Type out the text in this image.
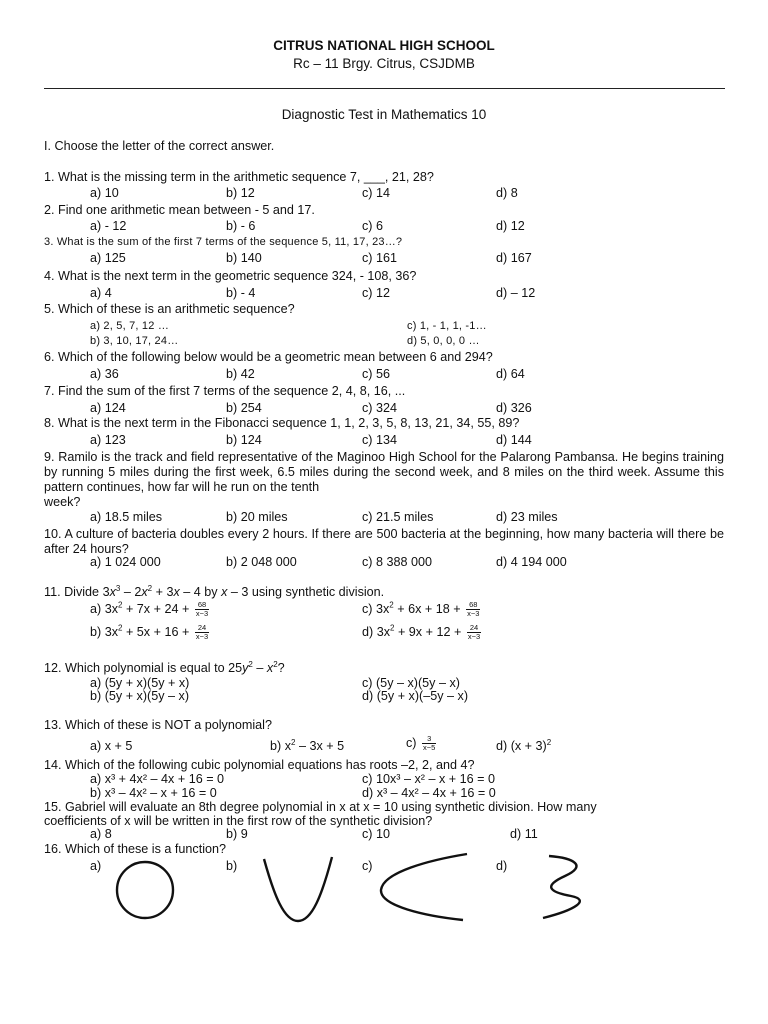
CITRUS NATIONAL HIGH SCHOOL
Rc – 11 Brgy. Citrus, CSJDMB
Diagnostic Test in Mathematics 10
I. Choose the letter of the correct answer.
1. What is the missing term in the arithmetic sequence 7, ___, 21, 28?
a) 10	b) 12	c) 14	d) 8
2. Find one arithmetic mean between - 5 and 17.
a) - 12	b) - 6	c) 6	d) 12
3. What is the sum of the first 7 terms of the sequence 5, 11, 17, 23…?
a) 125	b) 140	c) 161	d) 167
4. What is the next term in the geometric sequence 324, - 108, 36?
a) 4	b) - 4	c) 12	d) – 12
5. Which of these is an arithmetic sequence?
a) 2, 5, 7, 12 …	c) 1, - 1, 1, -1…
b) 3, 10, 17, 24…	d) 5, 0, 0, 0 …
6. Which of the following below would be a geometric mean between 6 and 294?
a) 36	b) 42	c) 56	d) 64
7. Find the sum of the first 7 terms of the sequence 2, 4, 8, 16, ...
a) 124	b) 254	c) 324	d) 326
8. What is the next term in the Fibonacci sequence 1, 1, 2, 3, 5, 8, 13, 21, 34, 55, 89?
a) 123	b) 124	c) 134	d) 144
9. Ramilo is the track and field representative of the Maginoo High School for the Palarong Pambansa. He begins training by running 5 miles during the first week, 6.5 miles during the second week, and 8 miles on the third week. Assume this pattern continues, how far will he run on the tenth
week?
a) 18.5 miles	b) 20 miles	c) 21.5 miles	d) 23 miles
10. A culture of bacteria doubles every 2 hours. If there are 500 bacteria at the beginning, how many bacteria will there be after 24 hours?
a) 1 024 000	b) 2 048 000	c) 8 388 000	d) 4 194 000
11. Divide $3x^3 - 2x^2 + 3x - 4$ by x – 3 using synthetic division.
a) $3x^2 + 7x + 24 + \frac{68}{x-3}$	c) $3x^2 + 6x + 18 + \frac{68}{x-3}$
b) $3x^2 + 5x + 16 + \frac{24}{x-3}$	d) $3x^2 + 9x + 12 + \frac{24}{x-3}$
12. Which polynomial is equal to $25y^2 - x^2$?
a) (5y + x)(5y + x)	c) (5y – x)(5y – x)
b) (5y + x)(5y – x)	d) (5y + x)(–5y – x)
13. Which of these is NOT a polynomial?
a) x + 5	b) $x^2 - 3x + 5$	$c) \frac{3}{x-5}$	d) $(x + 3)^2$
14. Which of the following cubic polynomial equations has roots –2, 2, and 4?
a) x³ + 4x² – 4x + 16 = 0	c) 10x³ – x² – x + 16 = 0
b) x³ – 4x² – x + 16 = 0	d) x³ – 4x² – 4x + 16 = 0
15. Gabriel will evaluate an 8th degree polynomial in x at x = 10 using synthetic division. How many
coefficients of x will be written in the first row of the synthetic division?
a) 8	b) 9	c) 10	d) 11
16. Which of these is a function?
a)	b)	c)	d)
